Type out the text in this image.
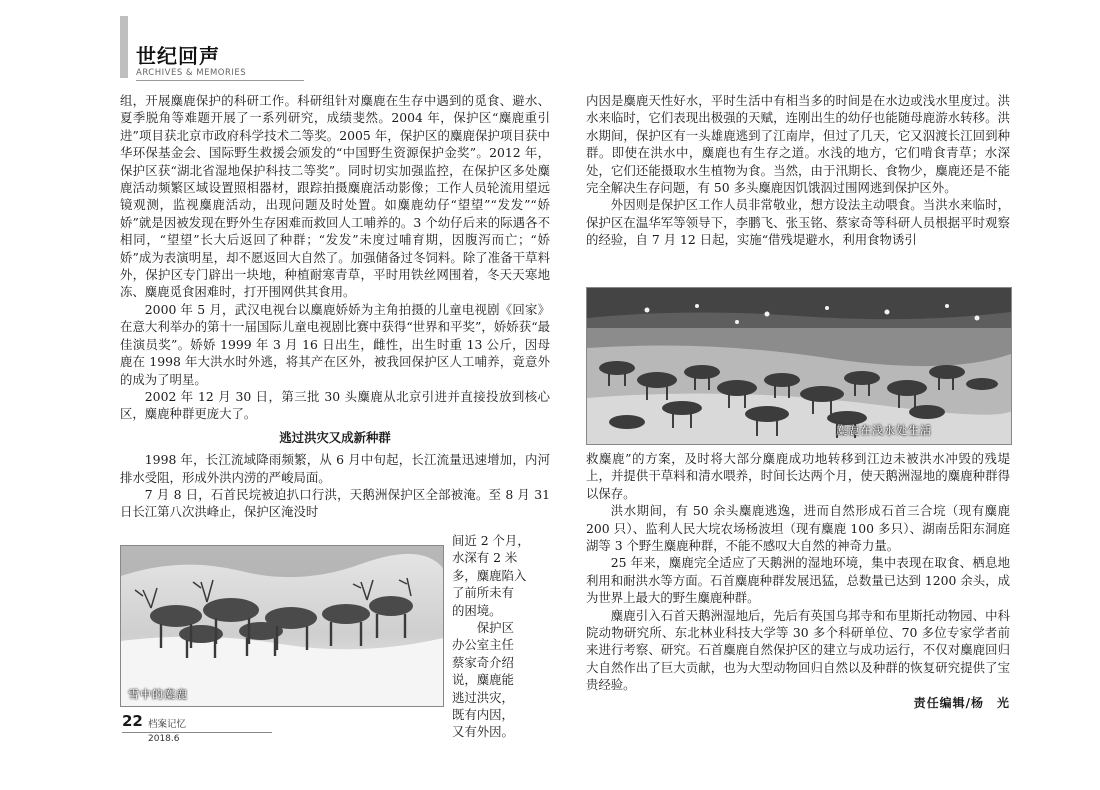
世纪回声
ARCHIVES & MEMORIES

组，开展麋鹿保护的科研工作。科研组针对麋鹿在生存中遇到的觅食、避水、夏季脱角等难题开展了一系列研究，成绩斐然。2004 年，保护区“麋鹿重引进”项目获北京市政府科学技术二等奖。2005 年，保护区的麋鹿保护项目获中华环保基金会、国际野生救援会颁发的“中国野生资源保护金奖”。2012 年，保护区获“湖北省湿地保护科技二等奖”。同时切实加强监控，在保护区多处麋鹿活动频繁区域设置照相器材，跟踪拍摄麋鹿活动影像；工作人员轮流用望远镜观测，监视麋鹿活动，出现问题及时处置。如麋鹿幼仔“望望”“发发”“娇娇”就是因被发现在野外生存困难而救回人工哺养的。3 个幼仔后来的际遇各不相同，“望望”长大后返回了种群；“发发”未度过哺育期，因腹泻而亡；“娇娇”成为表演明星，却不愿返回大自然了。加强储备过冬饲料。除了准备干草料外，保护区专门辟出一块地，种植耐寒青草，平时用铁丝网围着，冬天天寒地冻、麋鹿觅食困难时，打开围网供其食用。

2000 年 5 月，武汉电视台以麋鹿娇娇为主角拍摄的儿童电视剧《回家》在意大利举办的第十一届国际儿童电视剧比赛中获得“世界和平奖”，娇娇获“最佳演员奖”。娇娇 1999 年 3 月 16 日出生，雌性，出生时重 13 公斤，因母鹿在 1998 年大洪水时外逃，将其产在区外，被我回保护区人工哺养，竟意外的成为了明星。

2002 年 12 月 30 日，第三批 30 头麋鹿从北京引进并直接投放到核心区，麋鹿种群更庞大了。

逃过洪灾又成新种群

1998 年，长江流域降雨频繁，从 6 月中旬起，长江流量迅速增加，内河排水受阻，形成外洪内涝的严峻局面。

7 月 8 日，石首民垸被迫扒口行洪，天鹅洲保护区全部被淹。至 8 月 31 日长江第八次洪峰止，保护区淹没时

间近 2 个月，
水深有 2 米
多，麋鹿陷入
了前所未有
的困境。
保护区
办公室主任
蔡家奇介绍
说，麋鹿能
逃过洪灾，
既有内因，
又有外因。
雪中的麋鹿

内因是麋鹿天性好水，平时生活中有相当多的时间是在水边或浅水里度过。洪水来临时，它们表现出极强的天赋，连刚出生的幼仔也能随母鹿游水转移。洪水期间，保护区有一头雄鹿逃到了江南岸，但过了几天，它又泅渡长江回到种群。即使在洪水中，麋鹿也有生存之道。水浅的地方，它们啃食青草；水深处，它们还能摄取水生植物为食。当然，由于汛期长、食物少，麋鹿还是不能完全解决生存问题，有 50 多头麋鹿因饥饿泅过围网逃到保护区外。

外因则是保护区工作人员非常敬业，想方设法主动喂食。当洪水来临时，保护区在温华军等领导下，李鹏飞、张玉铭、蔡家奇等科研人员根据平时观察的经验，自 7 月 12 日起，实施“借残堤避水，利用食物诱引

麋鹿在浅水处生活

救麋鹿”的方案，及时将大部分麋鹿成功地转移到江边未被洪水冲毁的残堤上，并提供干草料和清水喂养，时间长达两个月，使天鹅洲湿地的麋鹿种群得以保存。

洪水期间，有 50 余头麋鹿逃逸，进而自然形成石首三合垸（现有麋鹿 200 只）、监利人民大垸农场杨波坦（现有麋鹿 100 多只）、湖南岳阳东洞庭湖等 3 个野生麋鹿种群，不能不感叹大自然的神奇力量。

25 年来，麋鹿完全适应了天鹅洲的湿地环境，集中表现在取食、栖息地利用和耐洪水等方面。石首麋鹿种群发展迅猛，总数量已达到 1200 余头，成为世界上最大的野生麋鹿种群。

麋鹿引入石首天鹅洲湿地后，先后有英国乌邦寺和布里斯托动物园、中科院动物研究所、东北林业科技大学等 30 多个科研单位、70 多位专家学者前来进行考察、研究。石首麋鹿自然保护区的建立与成功运行，不仅对麋鹿回归大自然作出了巨大贡献，也为大型动物回归自然以及种群的恢复研究提供了宝贵经验。

责任编辑/杨　光
22 档案记忆
2018.6
